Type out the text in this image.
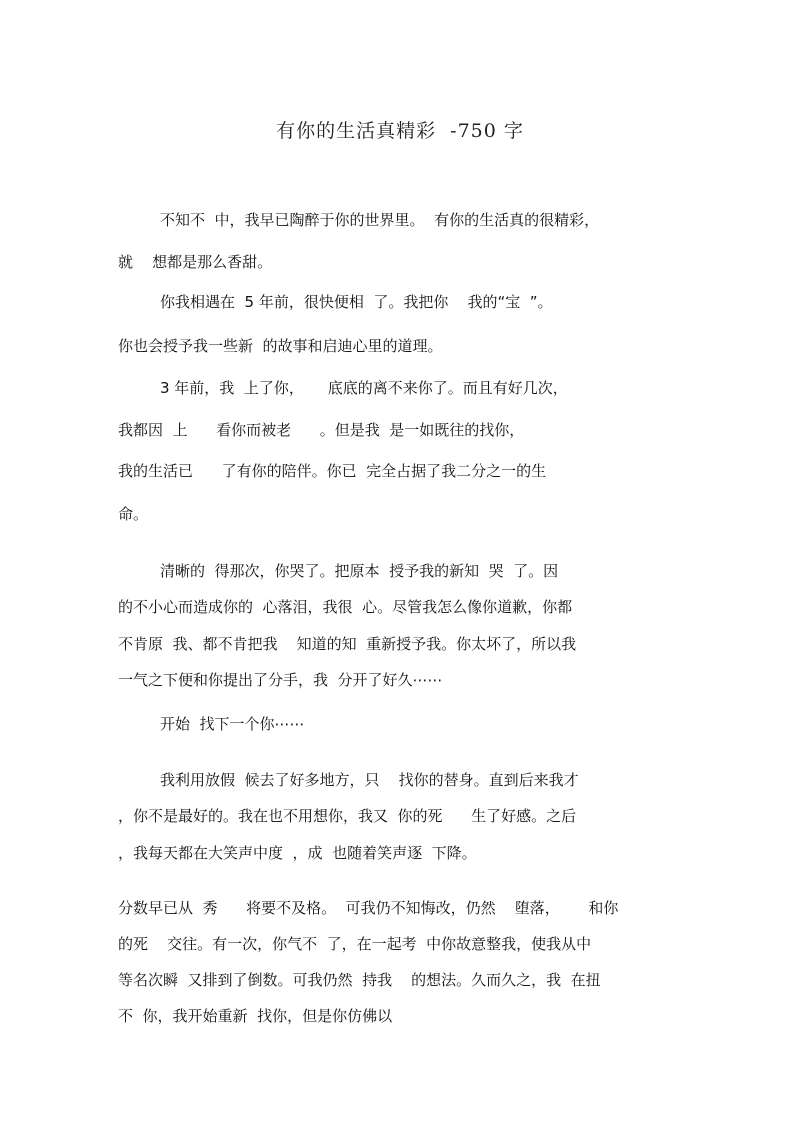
有你的生活真精彩  -750 字
不知不  中，我早已陶醉于你的世界里。  有你的生活真的很精彩，
就    想都是那么香甜。
你我相遇在  5 年前，很快便相  了。我把你    我的“宝  ”。
你也会授予我一些新  的故事和启迪心里的道理。
3 年前，我  上了你，     底底的离不来你了。而且有好几次，
我都因  上      看你而被老      。但是我  是一如既往的找你，
我的生活已      了有你的陪伴。你已  完全占据了我二分之一的生
命。
清晰的  得那次，你哭了。把原本  授予我的新知  哭  了。因
的不小心而造成你的  心落泪，我很  心。尽管我怎么像你道歉，你都
不肯原  我、都不肯把我    知道的知  重新授予我。你太坏了，所以我
一气之下便和你提出了分手，我  分开了好久⋯⋯
开始  找下一个你⋯⋯
我利用放假  候去了好多地方，只    找你的替身。直到后来我才
，你不是最好的。我在也不用想你，我又  你的死      生了好感。之后
，我每天都在大笑声中度  ，成  也随着笑声逐  下降。
分数早已从  秀      将要不及格。  可我仍不知悔改，仍然    堕落，      和你
的死    交往。有一次，你气不  了，在一起考  中你故意整我，使我从中
等名次瞬  又排到了倒数。可我仍然  持我    的想法。久而久之，我  在扭
不  你，我开始重新  找你，但是你仿佛以
